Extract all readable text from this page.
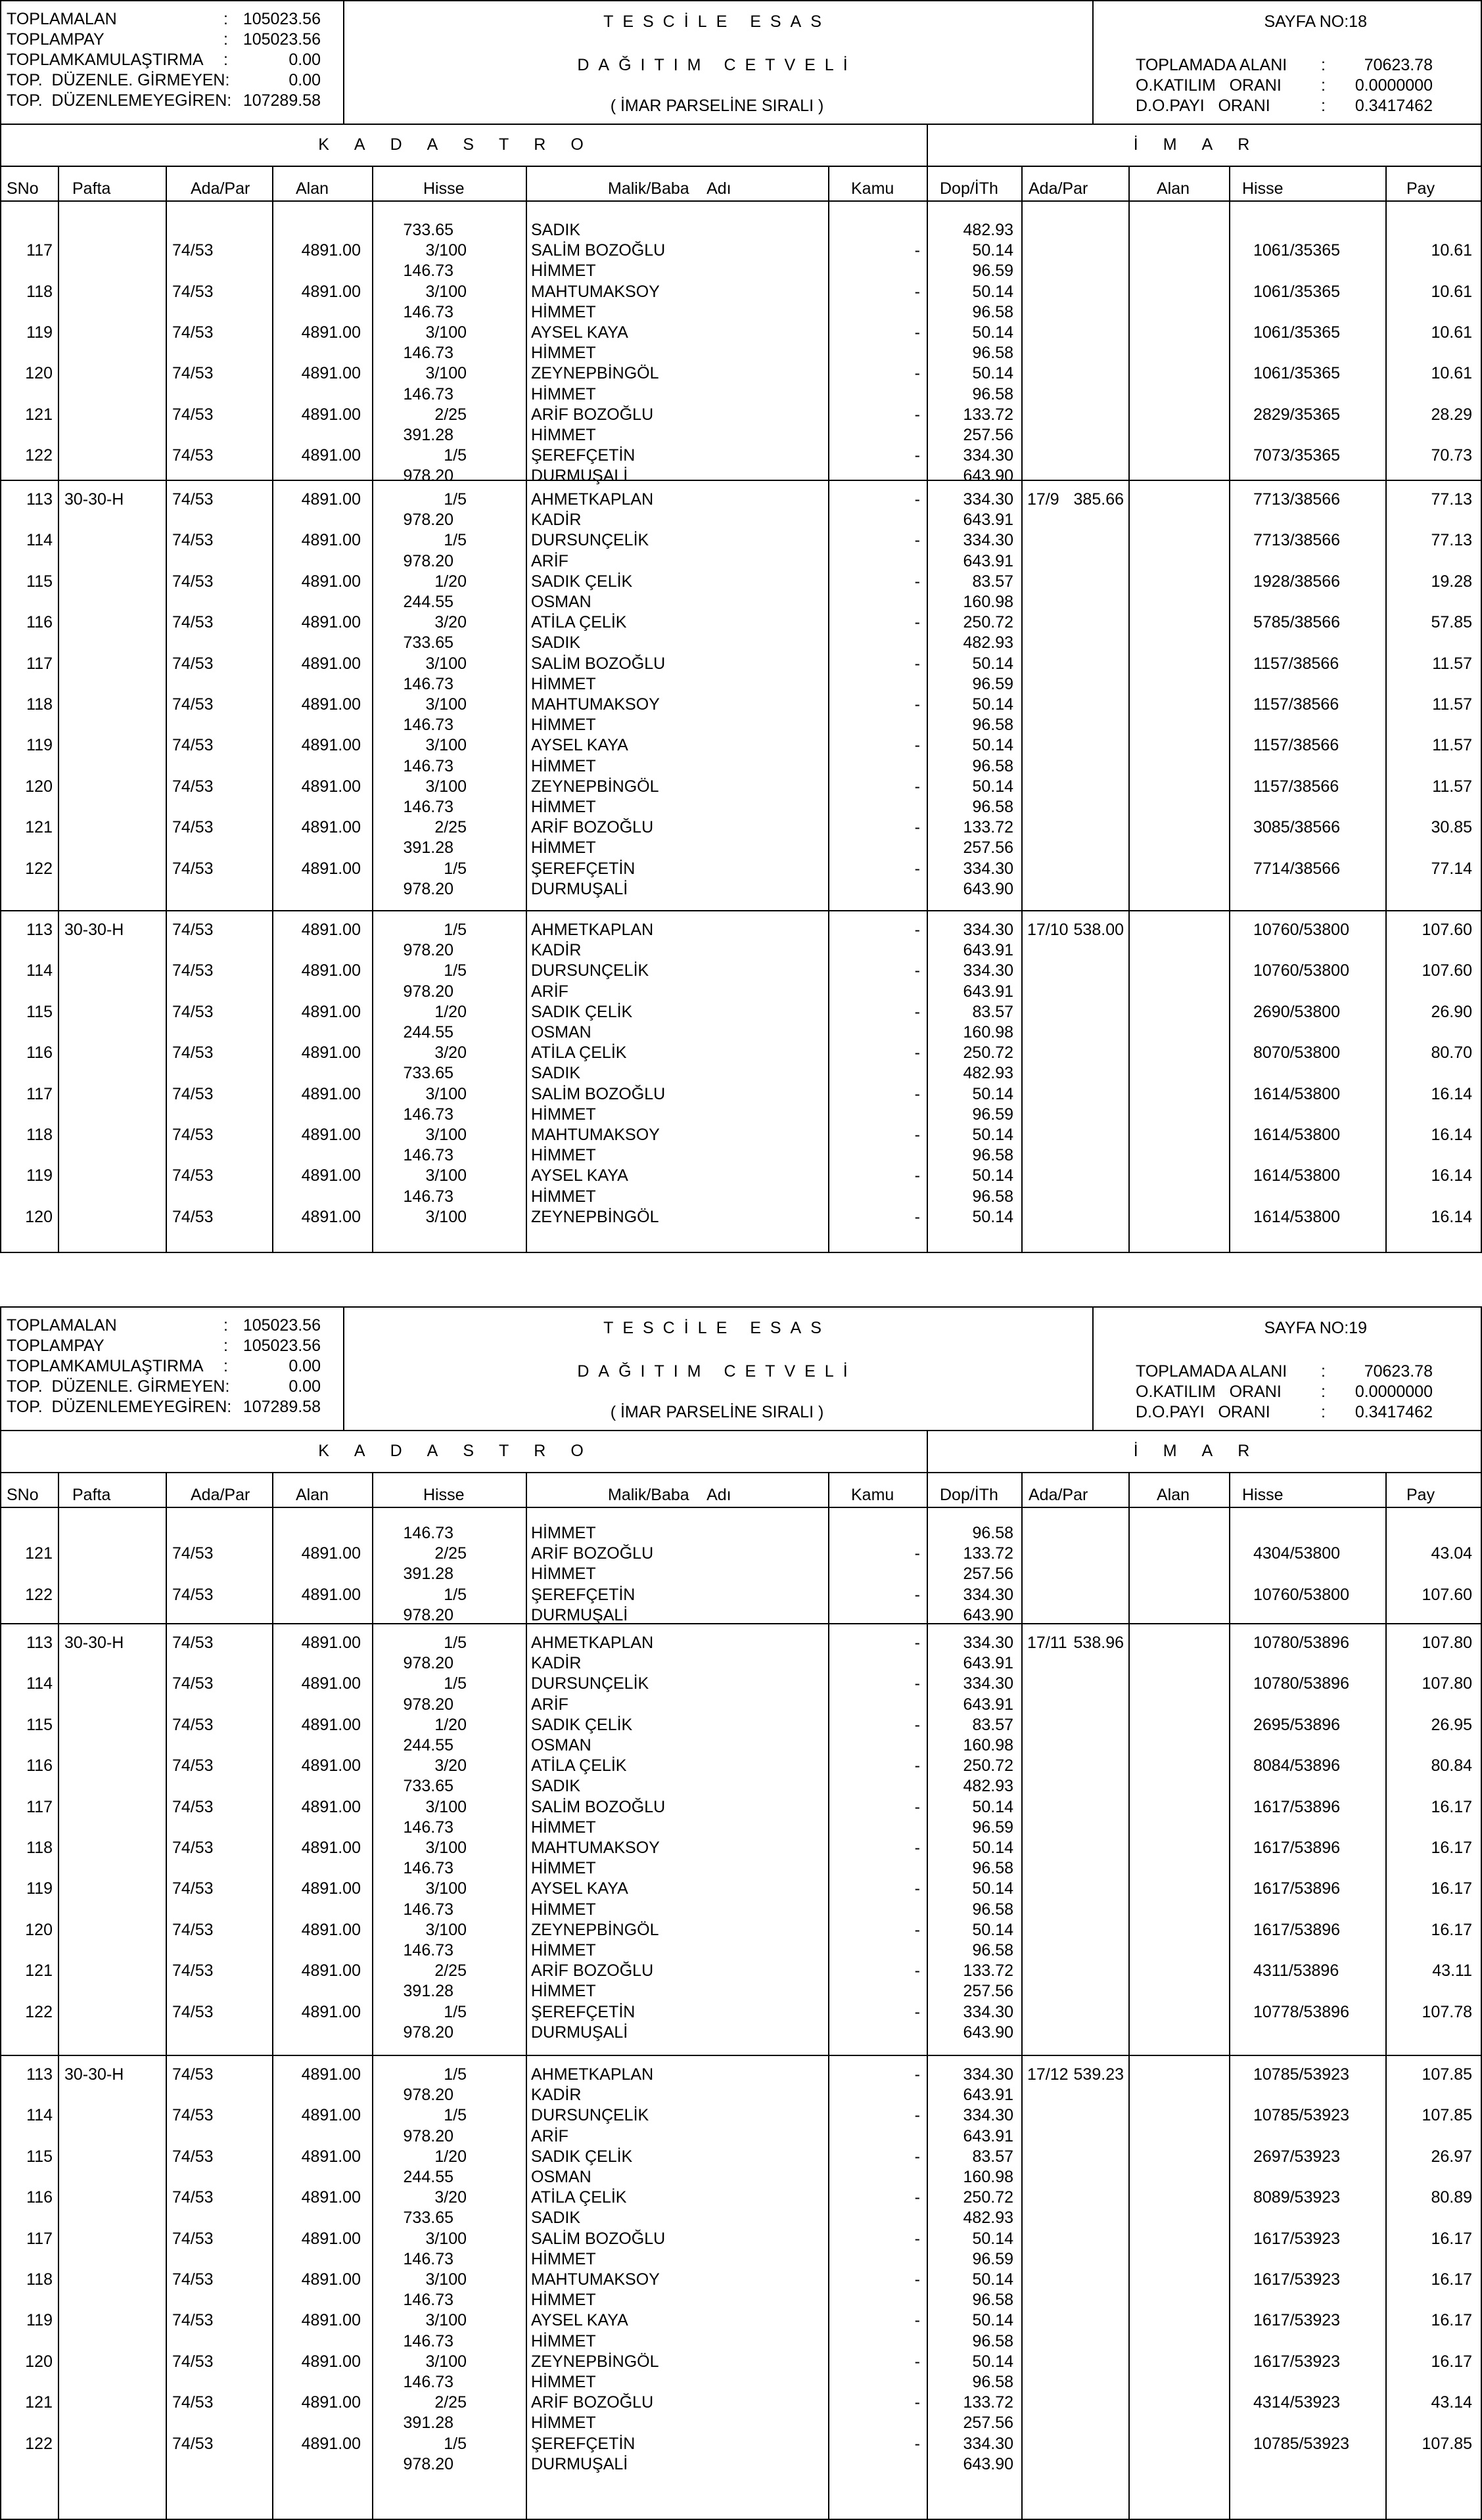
TOPLAMALAN	: 105023.56
TOPLAMPAY	: 105023.56
TOPLAMKAMULAŞTIRMA :	0.00
TOP.  DÜZENLE. GİRMEYEN:	0.00
TOP.  DÜZENLEMEYEGİREN: 107289.58
TESCİLE ESAS
DAĞITIM CETVELİ
( İMAR PARSELİNE SIRALI )
SAYFA NO:18
TOPLAMADA ALANI :	70623.78
O.KATILIM   ORANI :	0.0000000
D.O.PAYI   ORANI	:	0.3417462
KADASTRO	İMAR
SNo Pafta	Ada/Par	Alan	Hisse	Malik/Baba    Adı	Kamu	Dop/İTh Ada/Par	Alan	Hisse	Pay
733.65	SADIK	482.93
117	74/53	4891.00	3/100	SALİM BOZOĞLU	-	50.14	1061/35365	10.61
146.73	HİMMET	96.59
118	74/53	4891.00	3/100	MAHTUMAKSOY	-	50.14	1061/35365	10.61
146.73	HİMMET	96.58
119	74/53	4891.00	3/100	AYSEL KAYA	-	50.14	1061/35365	10.61
146.73	HİMMET	96.58
120	74/53	4891.00	3/100	ZEYNEPBİNGÖL	-	50.14	1061/35365	10.61
146.73	HİMMET	96.58
121	74/53	4891.00	2/25	ARİF BOZOĞLU	-	133.72	2829/35365	28.29
391.28	HİMMET	257.56
122	74/53	4891.00	1/5	ŞEREFÇETİN	-	334.30	7073/35365	70.73
978.20	DURMUŞALİ	643.90
113 30-30-H	74/53	4891.00	1/5	AHMETKAPLAN	-	334.30 17/9 385.66	7713/38566	77.13
978.20	KADİR	643.91
114	74/53	4891.00	1/5	DURSUNÇELİK	-	334.30	7713/38566	77.13
978.20	ARİF	643.91
115	74/53	4891.00	1/20	SADIK ÇELİK	-	83.57	1928/38566	19.28
244.55	OSMAN	160.98
116	74/53	4891.00	3/20	ATİLA ÇELİK	-	250.72	5785/38566	57.85
733.65	SADIK	482.93
117	74/53	4891.00	3/100	SALİM BOZOĞLU	-	50.14	1157/38566	11.57
146.73	HİMMET	96.59
118	74/53	4891.00	3/100	MAHTUMAKSOY	-	50.14	1157/38566	11.57
146.73	HİMMET	96.58
119	74/53	4891.00	3/100	AYSEL KAYA	-	50.14	1157/38566	11.57
146.73	HİMMET	96.58
120	74/53	4891.00	3/100	ZEYNEPBİNGÖL	-	50.14	1157/38566	11.57
146.73	HİMMET	96.58
121	74/53	4891.00	2/25	ARİF BOZOĞLU	-	133.72	3085/38566	30.85
391.28	HİMMET	257.56
122	74/53	4891.00	1/5	ŞEREFÇETİN	-	334.30	7714/38566	77.14
978.20	DURMUŞALİ	643.90
113 30-30-H	74/53	4891.00	1/5	AHMETKAPLAN	-	334.30 17/10 538.00	10760/53800	107.60
978.20	KADİR	643.91
114	74/53	4891.00	1/5	DURSUNÇELİK	-	334.30	10760/53800	107.60
978.20	ARİF	643.91
115	74/53	4891.00	1/20	SADIK ÇELİK	-	83.57	2690/53800	26.90
244.55	OSMAN	160.98
116	74/53	4891.00	3/20	ATİLA ÇELİK	-	250.72	8070/53800	80.70
733.65	SADIK	482.93
117	74/53	4891.00	3/100	SALİM BOZOĞLU	-	50.14	1614/53800	16.14
146.73	HİMMET	96.59
118	74/53	4891.00	3/100	MAHTUMAKSOY	-	50.14	1614/53800	16.14
146.73	HİMMET	96.58
119	74/53	4891.00	3/100	AYSEL KAYA	-	50.14	1614/53800	16.14
146.73	HİMMET	96.58
120	74/53	4891.00	3/100	ZEYNEPBİNGÖL	-	50.14	1614/53800	16.14
TOPLAMALAN	: 105023.56
TOPLAMPAY	: 105023.56
TOPLAMKAMULAŞTIRMA :	0.00
TOP.  DÜZENLE. GİRMEYEN:	0.00
TOP.  DÜZENLEMEYEGİREN: 107289.58
TESCİLE ESAS
DAĞITIM CETVELİ
( İMAR PARSELİNE SIRALI )
SAYFA NO:19
TOPLAMADA ALANI :	70623.78
O.KATILIM   ORANI :	0.0000000
D.O.PAYI   ORANI	:	0.3417462
KADASTRO	İMAR
SNo Pafta	Ada/Par	Alan	Hisse	Malik/Baba    Adı	Kamu	Dop/İTh Ada/Par	Alan	Hisse	Pay
146.73	HİMMET	96.58
121	74/53	4891.00	2/25	ARİF BOZOĞLU	-	133.72	4304/53800	43.04
391.28	HİMMET	257.56
122	74/53	4891.00	1/5	ŞEREFÇETİN	-	334.30	10760/53800	107.60
978.20	DURMUŞALİ	643.90
113 30-30-H	74/53	4891.00	1/5	AHMETKAPLAN	-	334.30 17/11 538.96	10780/53896	107.80
978.20	KADİR	643.91
114	74/53	4891.00	1/5	DURSUNÇELİK	-	334.30	10780/53896	107.80
978.20	ARİF	643.91
115	74/53	4891.00	1/20	SADIK ÇELİK	-	83.57	2695/53896	26.95
244.55	OSMAN	160.98
116	74/53	4891.00	3/20	ATİLA ÇELİK	-	250.72	8084/53896	80.84
733.65	SADIK	482.93
117	74/53	4891.00	3/100	SALİM BOZOĞLU	-	50.14	1617/53896	16.17
146.73	HİMMET	96.59
118	74/53	4891.00	3/100	MAHTUMAKSOY	-	50.14	1617/53896	16.17
146.73	HİMMET	96.58
119	74/53	4891.00	3/100	AYSEL KAYA	-	50.14	1617/53896	16.17
146.73	HİMMET	96.58
120	74/53	4891.00	3/100	ZEYNEPBİNGÖL	-	50.14	1617/53896	16.17
146.73	HİMMET	96.58
121	74/53	4891.00	2/25	ARİF BOZOĞLU	-	133.72	4311/53896	43.11
391.28	HİMMET	257.56
122	74/53	4891.00	1/5	ŞEREFÇETİN	-	334.30	10778/53896	107.78
978.20	DURMUŞALİ	643.90
113 30-30-H	74/53	4891.00	1/5	AHMETKAPLAN	-	334.30 17/12 539.23	10785/53923	107.85
978.20	KADİR	643.91
114	74/53	4891.00	1/5	DURSUNÇELİK	-	334.30	10785/53923	107.85
978.20	ARİF	643.91
115	74/53	4891.00	1/20	SADIK ÇELİK	-	83.57	2697/53923	26.97
244.55	OSMAN	160.98
116	74/53	4891.00	3/20	ATİLA ÇELİK	-	250.72	8089/53923	80.89
733.65	SADIK	482.93
117	74/53	4891.00	3/100	SALİM BOZOĞLU	-	50.14	1617/53923	16.17
146.73	HİMMET	96.59
118	74/53	4891.00	3/100	MAHTUMAKSOY	-	50.14	1617/53923	16.17
146.73	HİMMET	96.58
119	74/53	4891.00	3/100	AYSEL KAYA	-	50.14	1617/53923	16.17
146.73	HİMMET	96.58
120	74/53	4891.00	3/100	ZEYNEPBİNGÖL	-	50.14	1617/53923	16.17
146.73	HİMMET	96.58
121	74/53	4891.00	2/25	ARİF BOZOĞLU	-	133.72	4314/53923	43.14
391.28	HİMMET	257.56
122	74/53	4891.00	1/5	ŞEREFÇETİN	-	334.30	10785/53923	107.85
978.20	DURMUŞALİ	643.90
